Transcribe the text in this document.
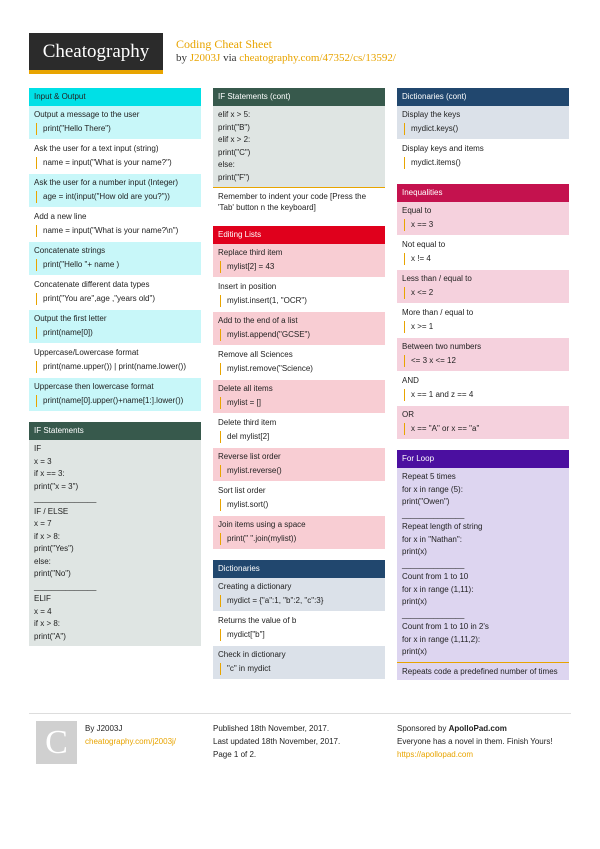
Cheatography	Coding Cheat Sheet
by J2003J via cheatography.com/47352/cs/13592/
Input & Output
Output a message to the user
print("Hello There")
Ask the user for a text input (string)
name = input("What is your name?")
Ask the user for a number input (Integer)
age = int(input("How old are you?"))
Add a new line
name = input("What is your name?\n")
Concatenate strings
print("Hello "+ name )
Concatenate different data types
print("You are",age ,"years old")
Output the first letter
print(name[0])
Uppercase/Lowercase format
print(name.upper()) | print(name.lower())
Uppercase then lowercase format
print(name[0].upper()+name[1:].lower())
IF Statements
IF
x = 3
if x == 3:
print("x = 3")
______________
IF / ELSE
x = 7
if x > 8:
print("Yes")
else:
print("No")
______________
ELIF
x = 4
if x > 8:
print("A")
IF Statements (cont)
elif x > 5:
print("B")
elif x > 2:
print("C")
else:
print("F")
Remember to indent your code [Press the 'Tab' button n the keyboard]
Editing Lists
Replace third item
mylist[2] = 43
Insert in position
mylist.insert(1, "OCR")
Add to the end of a list
mylist.append("GCSE")
Remove all Sciences
mylist.remove("Science)
Delete all items
mylist = []
Delete third item
del mylist[2]
Reverse list order
mylist.reverse()
Sort list order
mylist.sort()
Join items using a space
print(" ".join(mylist))
Dictionaries
Creating a dictionary
mydict = {"a":1, "b":2, "c":3}
Returns the value of b
mydict["b"]
Check in dictionary
"c" in mydict
Dictionaries (cont)
Display the keys
mydict.keys()
Display keys and items
mydict.items()
Inequalities
Equal to
x == 3
Not equal to
x != 4
Less than / equal to
x <= 2
More than / equal to
x >= 1
Between two numbers
<= 3 x <= 12
AND
x == 1 and z == 4
OR
x == "A" or x == "a"
For Loop
Repeat 5 times
for x in range (5):
print("Owen")
______________
Repeat length of string
for x in "Nathan":
print(x)
______________
Count from 1 to 10
for x in range (1,11):
print(x)
______________
Count from 1 to 10 in 2's
for x in range (1,11,2):
print(x)
Repeats code a predefined number of times
C	By J2003J
cheatography.com/j2003j/
Published 18th November, 2017.
Last updated 18th November, 2017.
Page 1 of 2.
Sponsored by ApolloPad.com
Everyone has a novel in them. Finish Yours!
https://apollopad.com
